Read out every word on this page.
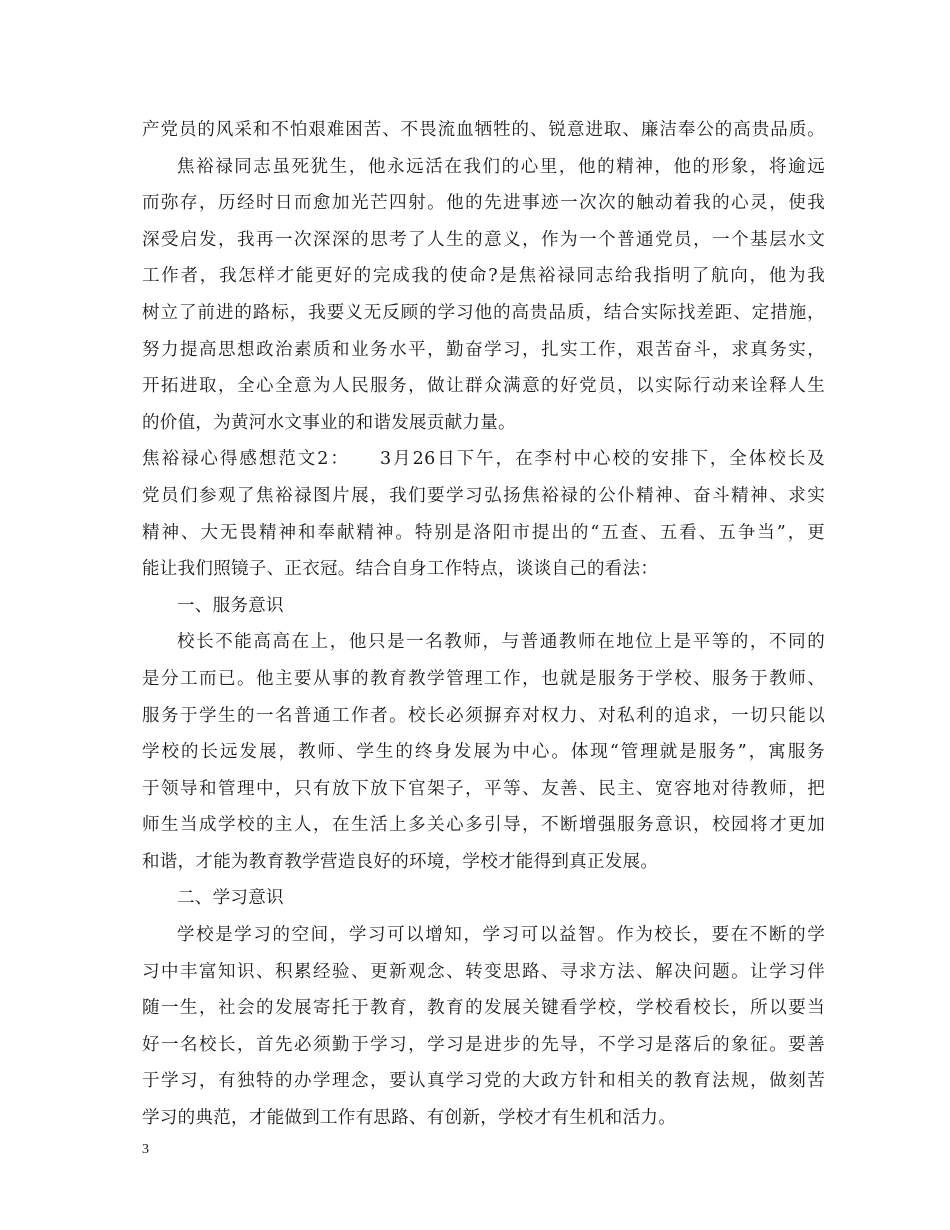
产党员的风采和不怕艰难困苦、不畏流血牺牲的、锐意进取、廉洁奉公的高贵品质。
焦裕禄同志虽死犹生，他永远活在我们的心里，他的精神，他的形象，将逾远
而弥存，历经时日而愈加光芒四射。他的先进事迹一次次的触动着我的心灵，使我
深受启发，我再一次深深的思考了人生的意义，作为一个普通党员，一个基层水文
工作者，我怎样才能更好的完成我的使命?是焦裕禄同志给我指明了航向，他为我
树立了前进的路标，我要义无反顾的学习他的高贵品质，结合实际找差距、定措施，
努力提高思想政治素质和业务水平，勤奋学习，扎实工作，艰苦奋斗，求真务实，
开拓进取，全心全意为人民服务，做让群众满意的好党员，以实际行动来诠释人生
的价值，为黄河水文事业的和谐发展贡献力量。
焦裕禄心得感想范文2：　　3月26日下午，在李村中心校的安排下，全体校长及
党员们参观了焦裕禄图片展，我们要学习弘扬焦裕禄的公仆精神、奋斗精神、求实
精神、大无畏精神和奉献精神。特别是洛阳市提出的“五查、五看、五争当”，更
能让我们照镜子、正衣冠。结合自身工作特点，谈谈自己的看法：
一、服务意识
校长不能高高在上，他只是一名教师，与普通教师在地位上是平等的，不同的
是分工而已。他主要从事的教育教学管理工作，也就是服务于学校、服务于教师、
服务于学生的一名普通工作者。校长必须摒弃对权力、对私利的追求，一切只能以
学校的长远发展，教师、学生的终身发展为中心。体现“管理就是服务”，寓服务
于领导和管理中，只有放下放下官架子，平等、友善、民主、宽容地对待教师，把
师生当成学校的主人，在生活上多关心多引导，不断增强服务意识，校园将才更加
和谐，才能为教育教学营造良好的环境，学校才能得到真正发展。
二、学习意识
学校是学习的空间，学习可以增知，学习可以益智。作为校长，要在不断的学
习中丰富知识、积累经验、更新观念、转变思路、寻求方法、解决问题。让学习伴
随一生，社会的发展寄托于教育，教育的发展关键看学校，学校看校长，所以要当
好一名校长，首先必须勤于学习，学习是进步的先导，不学习是落后的象征。要善
于学习，有独特的办学理念，要认真学习党的大政方针和相关的教育法规，做刻苦
学习的典范，才能做到工作有思路、有创新，学校才有生机和活力。
3
